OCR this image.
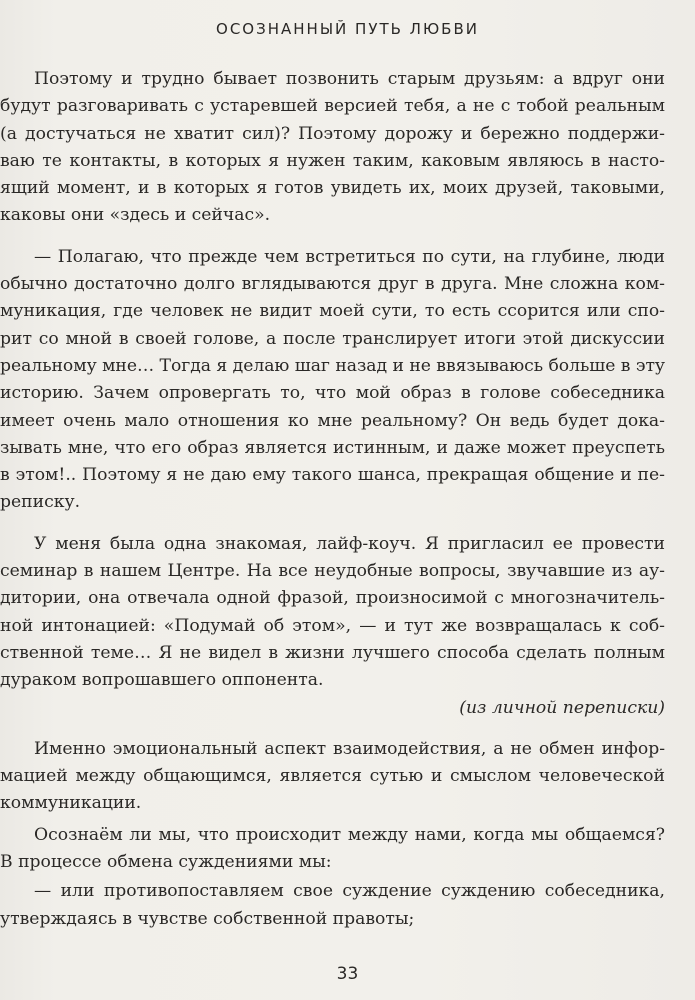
ОСОЗНАННЫЙ ПУТЬ ЛЮБВИ
Поэтому и трудно бывает позвонить старым друзьям: а вдруг они
будут разговаривать с устаревшей версией тебя, а не с тобой реальным
(а достучаться не хватит сил)? Поэтому дорожу и бережно поддержи-
ваю те контакты, в которых я нужен таким, каковым являюсь в насто-
ящий момент, и в которых я готов увидеть их, моих друзей, таковыми,
каковы они «здесь и сейчас».
— Полагаю, что прежде чем встретиться по сути, на глубине, люди
обычно достаточно долго вглядываются друг в друга. Мне сложна ком-
муникация, где человек не видит моей сути, то есть ссорится или спо-
рит со мной в своей голове, а после транслирует итоги этой дискуссии
реальному мне… Тогда я делаю шаг назад и не ввязываюсь больше в эту
историю. Зачем опровергать то, что мой образ в голове собеседника
имеет очень мало отношения ко мне реальному? Он ведь будет дока-
зывать мне, что его образ является истинным, и даже может преуспеть
в этом!.. Поэтому я не даю ему такого шанса, прекращая общение и пе-
реписку.
У меня была одна знакомая, лайф-коуч. Я пригласил ее провести
семинар в нашем Центре. На все неудобные вопросы, звучавшие из ау-
дитории, она отвечала одной фразой, произносимой с многозначитель-
ной интонацией: «Подумай об этом», — и тут же возвращалась к соб-
ственной теме… Я не видел в жизни лучшего способа сделать полным
дураком вопрошавшего оппонента.
(из личной переписки)
Именно эмоциональный аспект взаимодействия, а не обмен инфор-
мацией между общающимся, является сутью и смыслом человеческой
коммуникации.
Осознаём ли мы, что происходит между нами, когда мы общаемся?
В процессе обмена суждениями мы:
— или противопоставляем свое суждение суждению собеседника,
утверждаясь в чувстве собственной правоты;
33
